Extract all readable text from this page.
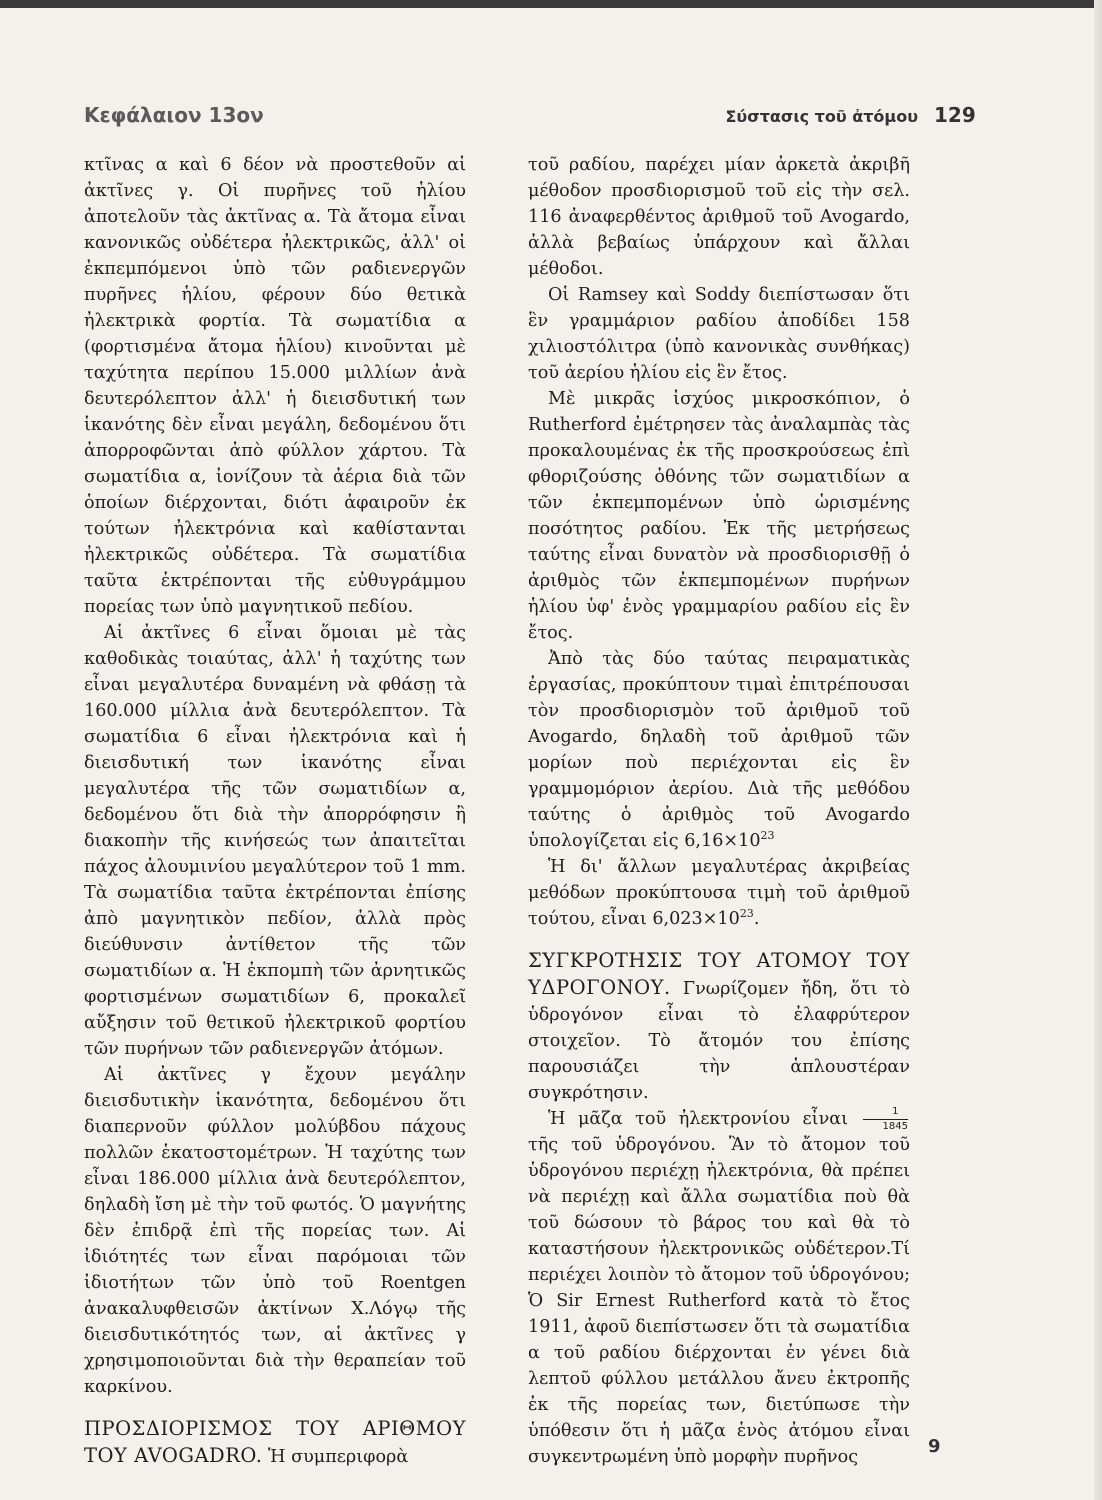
Κεφάλαιον 13ον	Σύστασις τοῦ ἀτόμου 129

κτῖνας α καὶ 6 δέον νὰ προστεθοῦν αἱ ἀκτῖνες γ. Οἱ πυρῆνες τοῦ ἡλίου ἀποτελοῦν τὰς ἀκτῖνας α. Τὰ ἄτομα εἶναι κανονικῶς οὐδέτερα ἠλεκτρικῶς, ἀλλ' οἱ ἐκπεμπόμενοι ὑπὸ τῶν ραδιενεργῶν πυρῆνες ἡλίου, φέρουν δύο θετικὰ ἠλεκτρικὰ φορτία. Τὰ σωματίδια α (φορτισμένα ἄτομα ἡλίου) κινοῦνται μὲ ταχύτητα περίπου 15.000 μιλλίων ἀνὰ δευτερόλεπτον ἀλλ' ἡ διεισδυτική των ἱκανότης δὲν εἶναι μεγάλη, δεδομένου ὅτι ἀπορροφῶνται ἀπὸ φύλλον χάρτου. Τὰ σωματίδια α, ἰονίζουν τὰ ἀέρια διὰ τῶν ὁποίων διέρχονται, διότι ἀφαιροῦν ἐκ τούτων ἠλεκτρόνια καὶ καθίστανται ἠλεκτρικῶς οὐδέτερα. Τὰ σωματίδια ταῦτα ἐκτρέπονται τῆς εὐθυγράμμου πορείας των ὑπὸ μαγνητικοῦ πεδίου.

Αἱ ἀκτῖνες 6 εἶναι ὅμοιαι μὲ τὰς καθοδικὰς τοιαύτας, ἀλλ' ἡ ταχύτης των εἶναι μεγαλυτέρα δυναμένη νὰ φθάσῃ τὰ 160.000 μίλλια ἀνὰ δευτερόλεπτον. Τὰ σωματίδια 6 εἶναι ἠλεκτρόνια καὶ ἡ διεισδυτική των ἱκανότης εἶναι μεγαλυτέρα τῆς τῶν σωματιδίων α, δεδομένου ὅτι διὰ τὴν ἀπορρόφησιν ἢ διακοπὴν τῆς κινήσεώς των ἀπαιτεῖται πάχος ἀλουμινίου μεγαλύτερον τοῦ 1 mm. Τὰ σωματίδια ταῦτα ἐκτρέπονται ἐπίσης ἀπὸ μαγνητικὸν πεδίον, ἀλλὰ πρὸς διεύθυνσιν ἀντίθετον τῆς τῶν σωματιδίων α. Ἡ ἐκπομπὴ τῶν ἀρνητικῶς φορτισμένων σωματιδίων 6, προκαλεῖ αὔξησιν τοῦ θετικοῦ ἠλεκτρικοῦ φορτίου τῶν πυρήνων τῶν ραδιενεργῶν ἀτόμων.

Αἱ ἀκτῖνες γ ἔχουν μεγάλην διεισδυτικὴν ἱκανότητα, δεδομένου ὅτι διαπερνοῦν φύλλον μολύβδου πάχους πολλῶν ἑκατοστομέτρων. Ἡ ταχύτης των εἶναι 186.000 μίλλια ἀνὰ δευτερόλεπτον, δηλαδὴ ἴση μὲ τὴν τοῦ φωτός. Ὁ μαγνήτης δὲν ἐπιδρᾷ ἐπὶ τῆς πορείας των. Αἱ ἰδιότητές των εἶναι παρόμοιαι τῶν ἰδιοτήτων τῶν ὑπὸ τοῦ Roentgen ἀνακαλυφθεισῶν ἀκτίνων Χ.Λόγῳ τῆς διεισδυτικότητός των, αἱ ἀκτῖνες γ χρησιμοποιοῦνται διὰ τὴν θεραπείαν τοῦ καρκίνου.

ΠΡΟΣΔΙΟΡΙΣΜΟΣ ΤΟΥ ΑΡΙΘΜΟΥ ΤΟΥ AVOGADRO. Ἡ συμπεριφορὰ

τοῦ ραδίου, παρέχει μίαν ἀρκετὰ ἀκριβῆ μέθοδον προσδιορισμοῦ τοῦ εἰς τὴν σελ. 116 ἀναφερθέντος ἀριθμοῦ τοῦ Avogardo, ἀλλὰ βεβαίως ὑπάρχουν καὶ ἄλλαι μέθοδοι.

Οἱ Ramsey καὶ Soddy διεπίστωσαν ὅτι ἓν γραμμάριον ραδίου ἀποδίδει 158 χιλιοστόλιτρα (ὑπὸ κανονικὰς συνθήκας) τοῦ ἀερίου ἡλίου εἰς ἓν ἔτος.

Μὲ μικρᾶς ἰσχύος μικροσκόπιον, ὁ Rutherford ἐμέτρησεν τὰς ἀναλαμπὰς τὰς προκαλουμένας ἐκ τῆς προσκρούσεως ἐπὶ φθοριζούσης ὀθόνης τῶν σωματιδίων α τῶν ἐκπεμπομένων ὑπὸ ὡρισμένης ποσότητος ραδίου. Ἐκ τῆς μετρήσεως ταύτης εἶναι δυνατὸν νὰ προσδιορισθῇ ὁ ἀριθμὸς τῶν ἐκπεμπομένων πυρήνων ἡλίου ὑφ' ἑνὸς γραμμαρίου ραδίου εἰς ἓν ἔτος.

Ἀπὸ τὰς δύο ταύτας πειραματικὰς ἐργασίας, προκύπτουν τιμαὶ ἐπιτρέπουσαι τὸν προσδιορισμὸν τοῦ ἀριθμοῦ τοῦ Avogardo, δηλαδὴ τοῦ ἀριθμοῦ τῶν μορίων ποὺ περιέχονται εἰς ἓν γραμμομόριον ἀερίου. Διὰ τῆς μεθόδου ταύτης ὁ ἀριθμὸς τοῦ Avogardo ὑπολογίζεται εἰς $6,16\times 10^{23}$

Ἡ δι' ἄλλων μεγαλυτέρας ἀκριβείας μεθόδων προκύπτουσα τιμὴ τοῦ ἀριθμοῦ τούτου, εἶναι $6,023\times 10^{23}$.

ΣΥΓΚΡΟΤΗΣΙΣ ΤΟΥ ΑΤΟΜΟΥ ΤΟΥ ΥΔΡΟΓΟΝΟΥ. Γνωρίζομεν ἤδη, ὅτι τὸ ὑδρογόνον εἶναι τὸ ἐλαφρύτερον στοιχεῖον. Τὸ ἄτομόν του ἐπίσης παρουσιάζει τὴν ἁπλουστέραν συγκρότησιν.

Ἡ μᾶζα τοῦ ἠλεκτρονίου εἶναι $\frac{1}{1845}$
τῆς τοῦ ὑδρογόνου. Ἂν τὸ ἄτομον τοῦ ὑδρογόνου περιέχῃ ἠλεκτρόνια, θὰ πρέπει νὰ περιέχῃ καὶ ἄλλα σωματίδια ποὺ θὰ τοῦ δώσουν τὸ βάρος του καὶ θὰ τὸ καταστήσουν ἠλεκτρονικῶς οὐδέτερον.Τί περιέχει λοιπὸν τὸ ἄτομον τοῦ ὑδρογόνου; Ὁ Sir Ernest Rutherford κατὰ τὸ ἔτος 1911, ἀφοῦ διεπίστωσεν ὅτι τὰ σωματίδια α τοῦ ραδίου διέρχονται ἐν γένει διὰ λεπτοῦ φύλλου μετάλλου ἄνευ ἐκτροπῆς ἐκ τῆς πορείας των, διετύπωσε τὴν ὑπόθεσιν ὅτι ἡ μᾶζα ἑνὸς ἀτόμου εἶναι συγκεντρωμένη ὑπὸ μορφὴν πυρῆνος	9
